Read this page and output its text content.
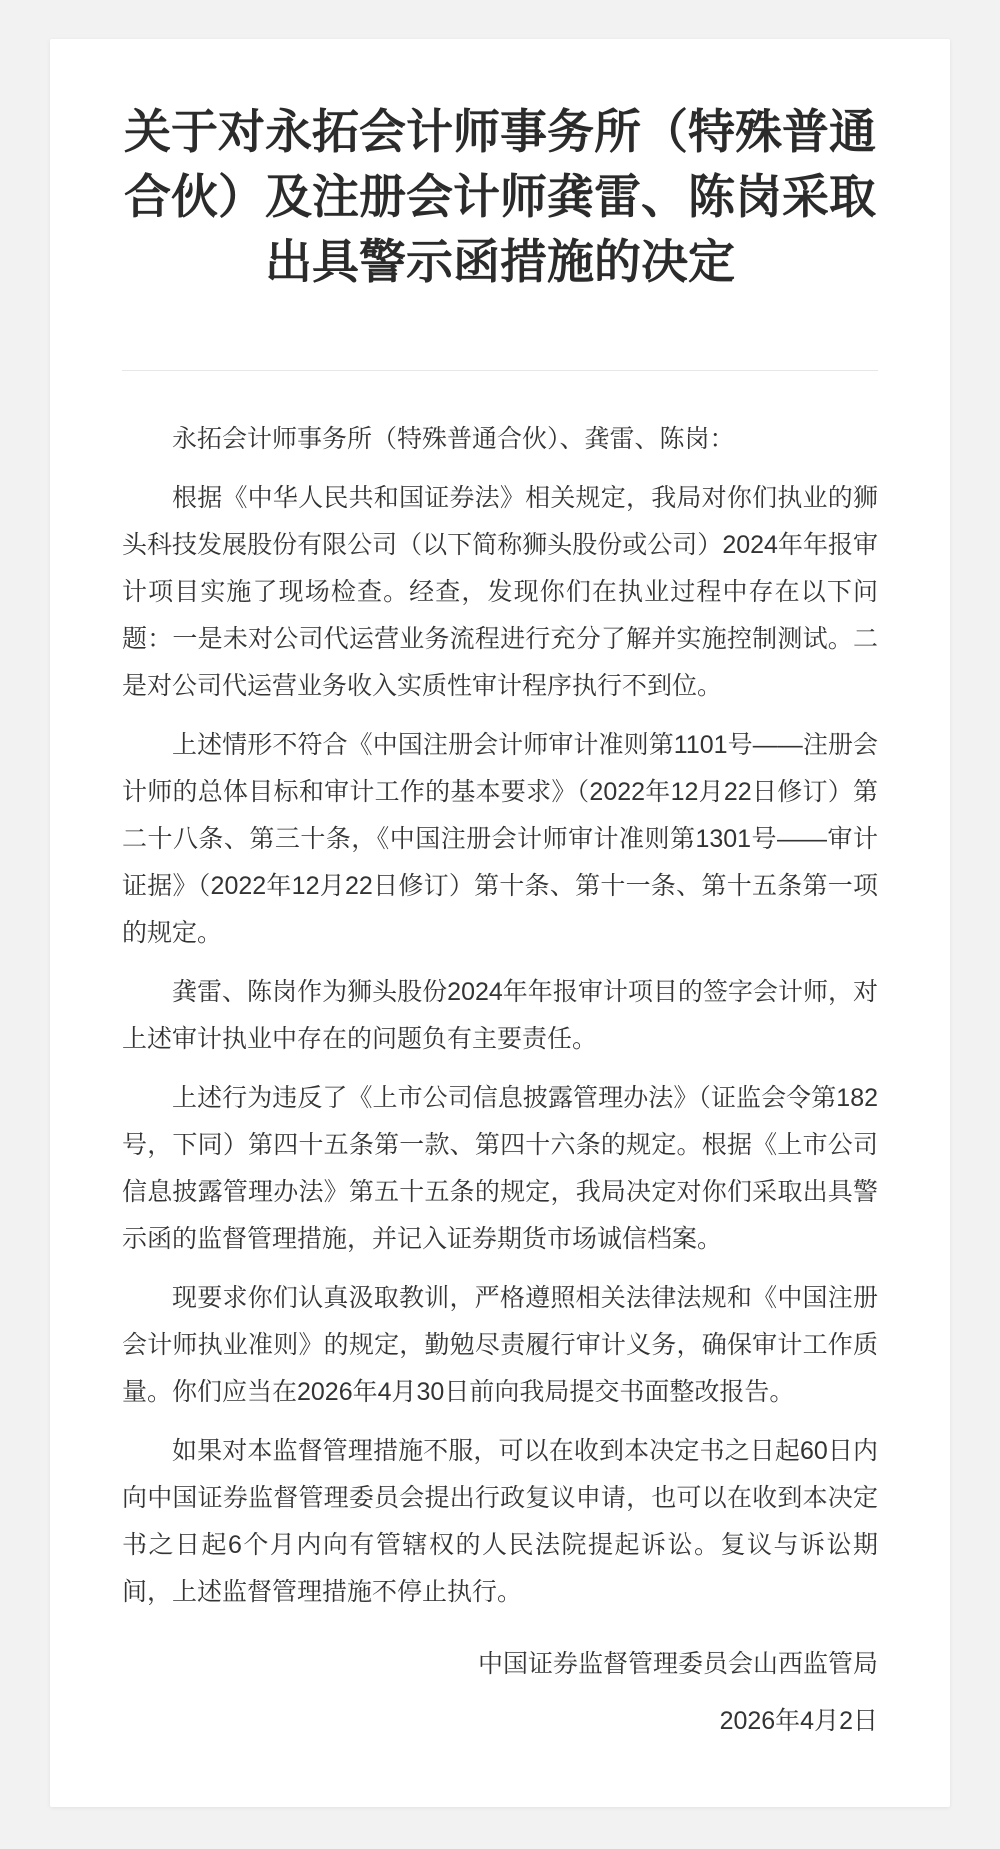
关于对永拓会计师事务所（特殊普通合伙）及注册会计师龚雷、陈岗采取出具警示函措施的决定

永拓会计师事务所（特殊普通合伙）、龚雷、陈岗：

根据《中华人民共和国证券法》相关规定，我局对你们执业的狮头科技发展股份有限公司（以下简称狮头股份或公司）2024年年报审计项目实施了现场检查。经查，发现你们在执业过程中存在以下问题：一是未对公司代运营业务流程进行充分了解并实施控制测试。二是对公司代运营业务收入实质性审计程序执行不到位。

上述情形不符合《中国注册会计师审计准则第1101号——注册会计师的总体目标和审计工作的基本要求》（2022年12月22日修订）第二十八条、第三十条，《中国注册会计师审计准则第1301号——审计证据》（2022年12月22日修订）第十条、第十一条、第十五条第一项的规定。

龚雷、陈岗作为狮头股份2024年年报审计项目的签字会计师，对上述审计执业中存在的问题负有主要责任。

上述行为违反了《上市公司信息披露管理办法》（证监会令第182号，下同）第四十五条第一款、第四十六条的规定。根据《上市公司信息披露管理办法》第五十五条的规定，我局决定对你们采取出具警示函的监督管理措施，并记入证券期货市场诚信档案。

现要求你们认真汲取教训，严格遵照相关法律法规和《中国注册会计师执业准则》的规定，勤勉尽责履行审计义务，确保审计工作质量。你们应当在2026年4月30日前向我局提交书面整改报告。

如果对本监督管理措施不服，可以在收到本决定书之日起60日内向中国证券监督管理委员会提出行政复议申请，也可以在收到本决定书之日起6个月内向有管辖权的人民法院提起诉讼。复议与诉讼期间，上述监督管理措施不停止执行。

中国证券监督管理委员会山西监管局

2026年4月2日
